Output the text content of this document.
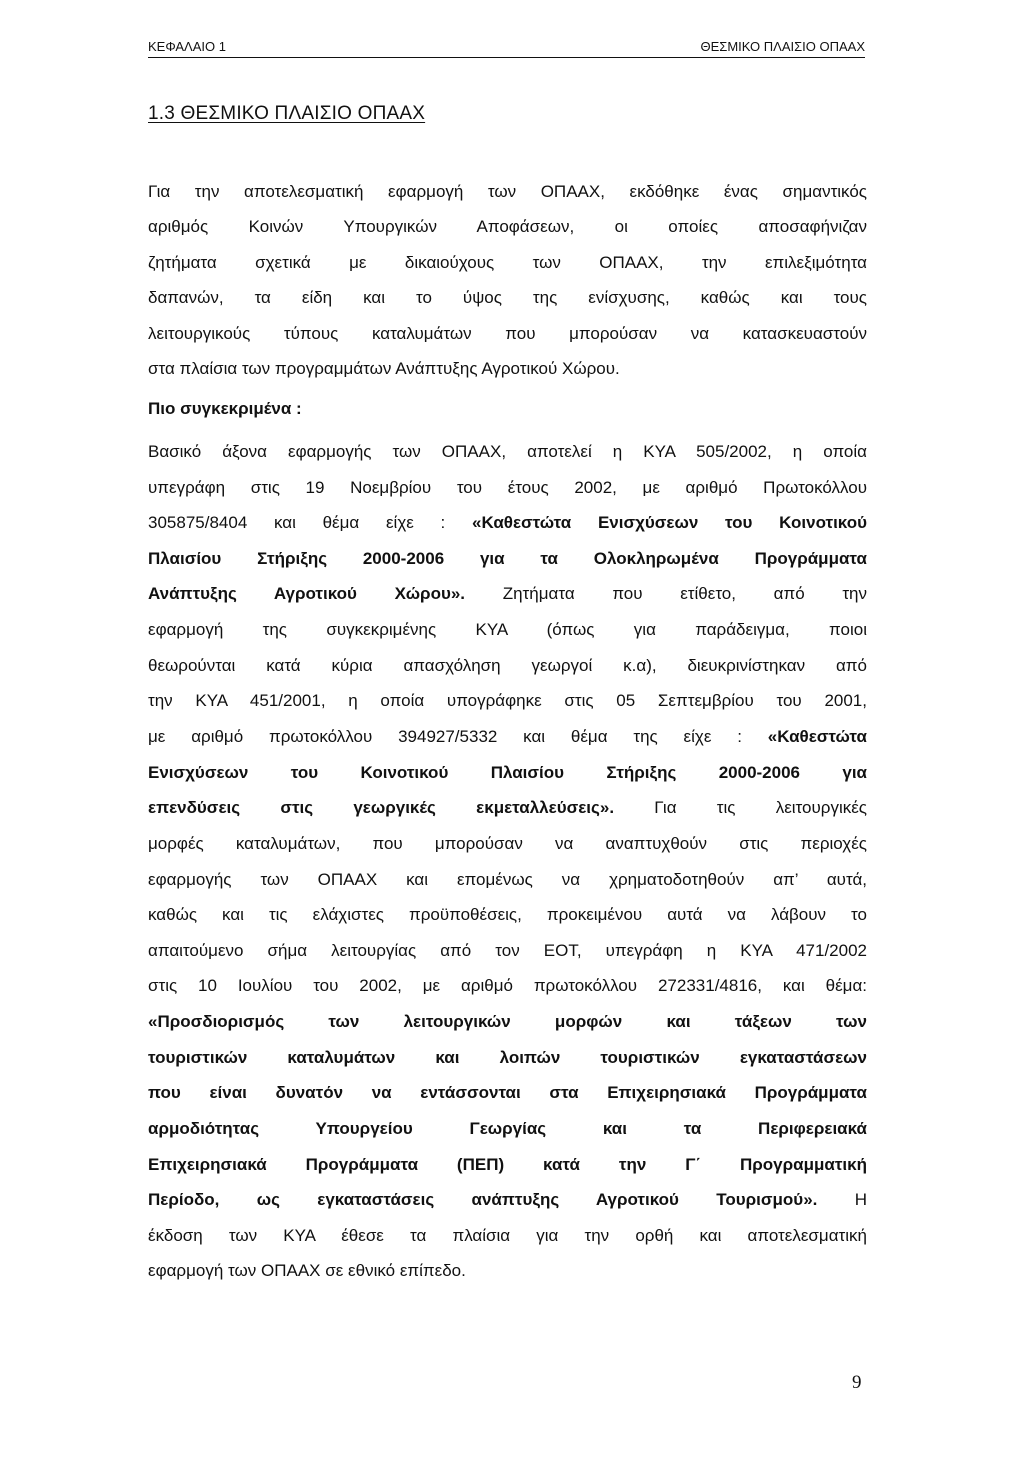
ΚΕΦΑΛΑΙΟ 1	ΘΕΣΜΙΚΟ ΠΛΑΙΣΙΟ ΟΠΑΑΧ
1.3 ΘΕΣΜΙΚΟ ΠΛΑΙΣΙΟ ΟΠΑΑΧ
Για την αποτελεσματική εφαρμογή των ΟΠΑΑΧ, εκδόθηκε ένας σημαντικός
αριθμός Κοινών Υπουργικών Αποφάσεων, οι οποίες αποσαφήνιζαν
ζητήματα σχετικά με δικαιούχους των ΟΠΑΑΧ, την επιλεξιμότητα
δαπανών, τα είδη και το ύψος της ενίσχυσης, καθώς και τους
λειτουργικούς τύπους καταλυμάτων που μπορούσαν να κατασκευαστούν
στα πλαίσια των προγραμμάτων Ανάπτυξης Αγροτικού Χώρου.
Πιο συγκεκριμένα :
Βασικό άξονα εφαρμογής των ΟΠΑΑΧ, αποτελεί η ΚΥΑ 505/2002, η οποία
υπεγράφη στις 19 Νοεμβρίου του έτους 2002, με αριθμό Πρωτοκόλλου
305875/8404 και θέμα είχε : «Καθεστώτα Ενισχύσεων του Κοινοτικού
Πλαισίου Στήριξης 2000-2006 για τα Ολοκληρωμένα Προγράμματα
Ανάπτυξης Αγροτικού Χώρου». Ζητήματα που ετίθετο, από την
εφαρμογή της συγκεκριμένης ΚΥΑ (όπως για παράδειγμα, ποιοι
θεωρούνται κατά κύρια απασχόληση γεωργοί κ.α), διευκρινίστηκαν από
την ΚΥΑ 451/2001, η οποία υπογράφηκε στις 05 Σεπτεμβρίου του 2001,
με αριθμό πρωτοκόλλου 394927/5332 και θέμα της είχε : «Καθεστώτα
Ενισχύσεων του Κοινοτικού Πλαισίου Στήριξης 2000-2006 για
επενδύσεις στις γεωργικές εκμεταλλεύσεις». Για τις λειτουργικές
μορφές καταλυμάτων, που μπορούσαν να αναπτυχθούν στις περιοχές
εφαρμογής των ΟΠΑΑΧ και επομένως να χρηματοδοτηθούν απ’ αυτά,
καθώς και τις ελάχιστες προϋποθέσεις, προκειμένου αυτά να λάβουν το
απαιτούμενο σήμα λειτουργίας από τον ΕΟΤ, υπεγράφη η ΚΥΑ 471/2002
στις 10 Ιουλίου του 2002, με αριθμό πρωτοκόλλου 272331/4816, και θέμα:
«Προσδιορισμός των λειτουργικών μορφών και τάξεων των
τουριστικών καταλυμάτων και λοιπών τουριστικών εγκαταστάσεων
που είναι δυνατόν να εντάσσονται στα Επιχειρησιακά Προγράμματα
αρμοδιότητας Υπουργείου Γεωργίας και τα Περιφερειακά
Επιχειρησιακά Προγράμματα (ΠΕΠ) κατά την Γ΄ Προγραμματική
Περίοδο, ως εγκαταστάσεις ανάπτυξης Αγροτικού Τουρισμού». Η
έκδοση των ΚΥΑ έθεσε τα πλαίσια για την ορθή και αποτελεσματική
εφαρμογή των ΟΠΑΑΧ σε εθνικό επίπεδο.
9
